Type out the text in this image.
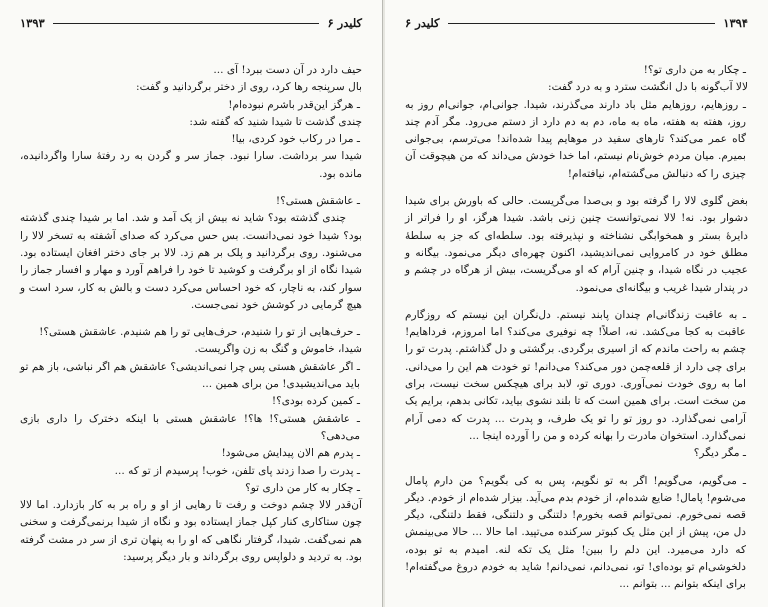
۱۳۹۳	کلیدر ۶

حیف دارد در آن دست ببرد! آی ...

بال سرپنجه رها کرد، روی از دختر برگردانید و گفت:

ـ هرگز این‌قدر باشرم نبوده‌ام!

چندی گذشت تا شیدا شنید که گفته شد:

ـ مرا در رکاب خود کردی، بیا!

شیدا سر برداشت. سارا نبود. جماز سر و گردن به رد رفتهٔ سارا واگردانیده، مانده بود.

ـ عاشقش هستی؟!

چندی گذشته بود؟ شاید نه بیش از یک آمد و شد. اما بر شیدا چندی گذشته بود؟ شیدا خود نمی‌دانست. بس حس می‌کرد که صدای آشفته به تسخر لالا را می‌شنود. روی برگردانید و پلک بر هم زد. لالا بر جای دختر افغان ایستاده بود. شیدا نگاه از او برگرفت و کوشید تا خود را فراهم آورد و مهار و افسار جماز را سوار کند، به ناچار، که خود احساس می‌کرد دست و بالش به کار، سرد است و هیچ گرمایی در کوشش خود نمی‌جست.

ـ حرف‌هایی از تو را شنیدم، حرف‌هایی تو را هم شنیدم. عاشقش هستی؟!

شیدا، خاموش و گنگ به زن واگریست.

ـ اگر عاشقش هستی پس چرا نمی‌اندیشی؟ عاشقش هم اگر نباشی، باز هم تو باید می‌اندیشیدی! من برای همین ...

ـ کمین کرده بودی؟!

ـ عاشقش هستی؟! ها؟! عاشقش هستی با اینکه دخترک را داری بازی می‌دهی؟

ـ پدرم هم الان پیدایش می‌شود!

ـ پدرت را صدا زدند پای تلفن، خوب! پرسیدم از تو که ...

ـ چکار به کار من داری تو؟

آن‌قدر لالا چشم دوخت و رفت تا رهایی از او و راه بر به کار بازدارد. اما لالا چون ستاکاری کنار کپل جماز ایستاده بود و نگاه از شیدا برنمی‌گرفت و سخنی هم نمی‌گفت. شیدا، گرفتار نگاهی که او را به پنهان تری از سر در مشت گرفته بود. به تردید و دلواپس روی برگرداند و بار دیگر پرسید:

کلیدر ۶	۱۳۹۴

ـ چکار به من داری تو؟!

لالا آب‌گونه با دل انگشت سترد و به درد گفت:

ـ روزهایم، روزهایم مثل باد دارند می‌گذرند، شیدا. جوانی‌ام، جوانی‌ام روز به روز، هفته به هفته، ماه به ماه، دم به دم دارد از دستم می‌رود. مگر آدم چند گاه عمر می‌کند؟ تارهای سفید در موهایم پیدا شده‌اند! می‌ترسم، بی‌جوانی بمیرم. میان مردم خوش‌نام نیستم، اما خدا خودش می‌داند که من هیچوقت آن چیزی را که دنبالش می‌گشته‌ام، نیافته‌ام!

بغض گلوی لالا را گرفته بود و بی‌صدا می‌گریست. حالی که باورش برای شیدا دشوار بود. نه! لالا نمی‌توانست چنین زنی باشد. شیدا هرگز، او را فراتر از دایرهٔ بستر و همخوابگی نشناخته و نپذیرفته بود. سلطه‌ای که جز به سلطهٔ مطلق خود در کامروایی نمی‌اندیشید، اکنون چهره‌ای دیگر می‌نمود. بیگانه و عجیب در نگاه شیدا، و چنین آرام که او می‌گریست، بیش از هرگاه در چشم و در پندار شیدا غریب و بیگانه‌ای می‌نمود.

ـ به عاقبت زندگانی‌ام چندان پابند نیستم. دل‌نگران این نیستم که روزگارم عاقبت به کجا می‌کشد. نه، اصلاً! چه نوفیری می‌کند؟ اما امروزم، فردا‌هایم! چشم به راحت ماندم که از اسیری برگردی. برگشتی و دل گذاشتم. پدرت تو را برای چی دارد از قلعه‌چمن دور می‌کند؟ می‌دانم! تو خودت هم این را می‌دانی. اما به روی خودت نمی‌آوری. دوری تو، لابد برای هیچکس سخت نیست، برای من سخت است. برای همین است که تا بلند نشوی بیاید، تکانی بدهم، برایم یک آرامی نمی‌گذارد. دو روز تو را تو یک طرف، و پدرت ... پدرت که دمی آرام نمی‌گذارد. استخوان مادرت را بهانه کرده و من را آورده اینجا ...

ـ مگر دیگر؟

ـ می‌گویم، می‌گویم! اگر به تو نگویم، پس به کی بگویم؟ من دارم پامال می‌شوم! پامال! ضایع شده‌ام، از خودم بدم می‌آید. بیزار شده‌ام از خودم. دیگر قصه نمی‌خورم. نمی‌توانم قصه بخورم! دلتنگی و دلتنگی، فقط دلتنگی، دیگر دل من، پیش از این مثل یک کبوتر سرکنده می‌تپید. اما حالا ... حالا می‌بینمش که دارد می‌میرد. این دلم را ببین! مثل یک تکه لنه. امیدم به تو بوده، دلخوشی‌ام تو بوده‌ای! تو، نمی‌دانم، نمی‌دانم! شاید به خودم دروغ می‌گفته‌ام! برای اینکه بتوانم ... بتوانم ...
